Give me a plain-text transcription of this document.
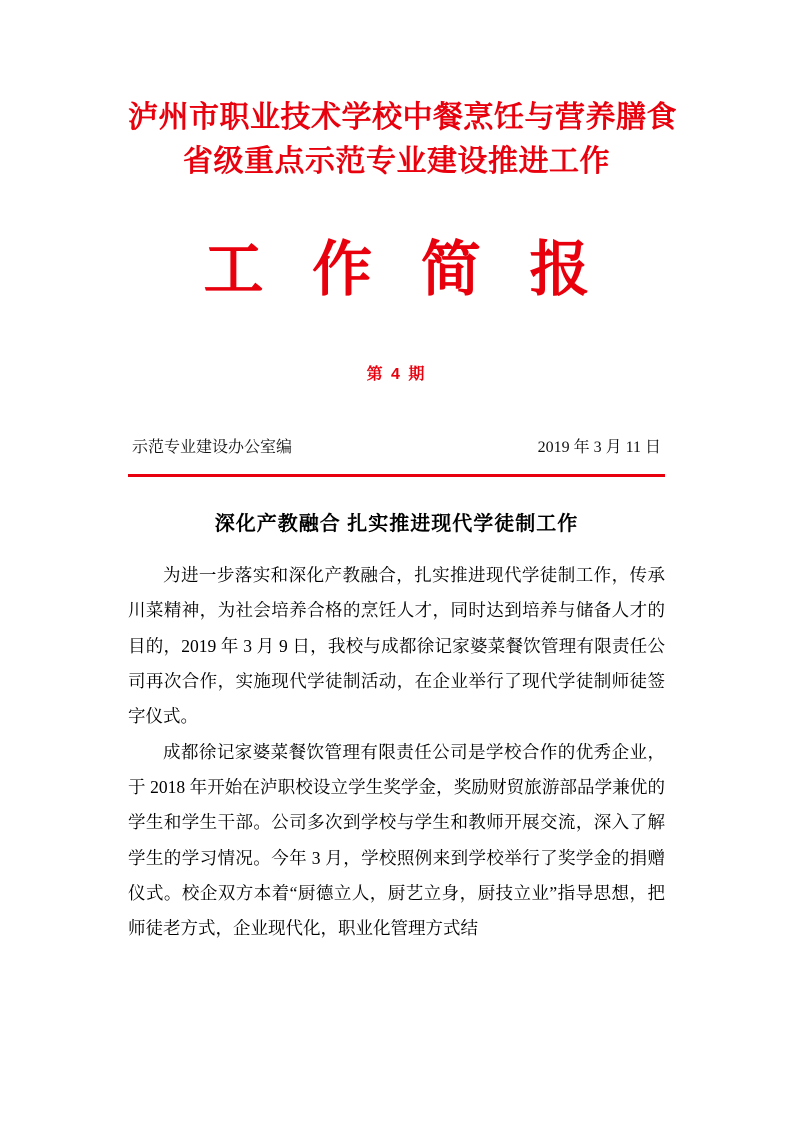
泸州市职业技术学校中餐烹饪与营养膳食
省级重点示范专业建设推进工作
工 作 简 报
第 4 期
示范专业建设办公室编	2019 年 3 月 11 日
深化产教融合 扎实推进现代学徒制工作

为进一步落实和深化产教融合，扎实推进现代学徒制工作，传承川菜精神，为社会培养合格的烹饪人才，同时达到培养与储备人才的目的，2019 年 3 月 9 日，我校与成都徐记家婆菜餐饮管理有限责任公司再次合作，实施现代学徒制活动，在企业举行了现代学徒制师徒签字仪式。

成都徐记家婆菜餐饮管理有限责任公司是学校合作的优秀企业，于 2018 年开始在泸职校设立学生奖学金，奖励财贸旅游部品学兼优的学生和学生干部。公司多次到学校与学生和教师开展交流，深入了解学生的学习情况。今年 3 月，学校照例来到学校举行了奖学金的捐赠仪式。校企双方本着“厨德立人，厨艺立身，厨技立业”指导思想，把师徒老方式，企业现代化，职业化管理方式结
